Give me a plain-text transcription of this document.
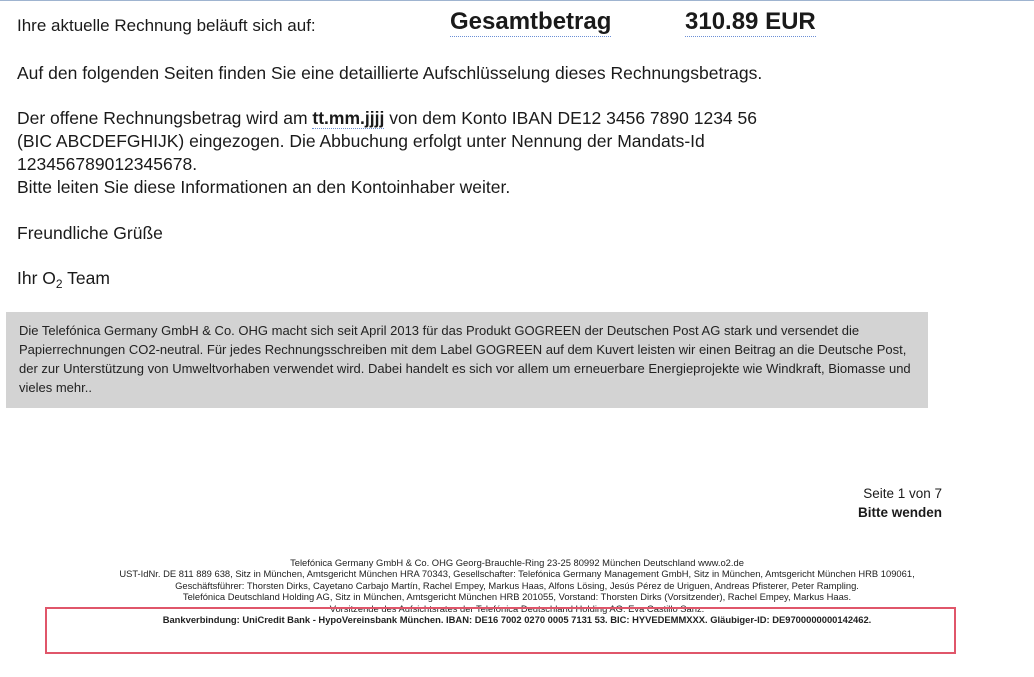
Ihre aktuelle Rechnung beläuft sich auf:	Gesamtbetrag	310.89 EUR

Auf den folgenden Seiten finden Sie eine detaillierte Aufschlüsselung dieses Rechnungsbetrags.

Der offene Rechnungsbetrag wird am tt.mm.jjjj von dem Konto IBAN DE12 3456 7890 1234 56
(BIC ABCDEFGHIJK) eingezogen. Die Abbuchung erfolgt unter Nennung der Mandats-Id
123456789012345678.
Bitte leiten Sie diese Informationen an den Kontoinhaber weiter.

Freundliche Grüße

Ihr $O_2$ Team

Die Telefónica Germany GmbH & Co. OHG macht sich seit April 2013 für das Produkt GOGREEN der Deutschen Post AG stark und versendet die Papierrechnungen CO2-neutral. Für jedes Rechnungsschreiben mit dem Label GOGREEN auf dem Kuvert leisten wir einen Beitrag an die Deutsche Post, der zur Unterstützung von Umweltvorhaben verwendet wird. Dabei handelt es sich vor allem um erneuerbare Energieprojekte wie Windkraft, Biomasse und vieles mehr..

Seite 1 von 7
Bitte wenden
Telefónica Germany GmbH & Co. OHG Georg-Brauchle-Ring 23-25 80992 München Deutschland www.o2.de
UST-IdNr. DE 811 889 638, Sitz in München, Amtsgericht München HRA 70343, Gesellschafter: Telefónica Germany Management GmbH, Sitz in München, Amtsgericht München HRB 109061,
Geschäftsführer: Thorsten Dirks, Cayetano Carbajo Martín, Rachel Empey, Markus Haas, Alfons Lösing, Jesús Pérez de Uriguen, Andreas Pfisterer, Peter Rampling.
Telefónica Deutschland Holding AG, Sitz in München, Amtsgericht München HRB 201055, Vorstand: Thorsten Dirks (Vorsitzender), Rachel Empey, Markus Haas.
Vorsitzende des Aufsichtsrates der Telefónica Deutschland Holding AG: Eva Castillo Sanz.
Bankverbindung: UniCredit Bank - HypoVereinsbank München. IBAN: DE16 7002 0270 0005 7131 53. BIC: HYVEDEMMXXX. Gläubiger-ID: DE9700000000142462.
